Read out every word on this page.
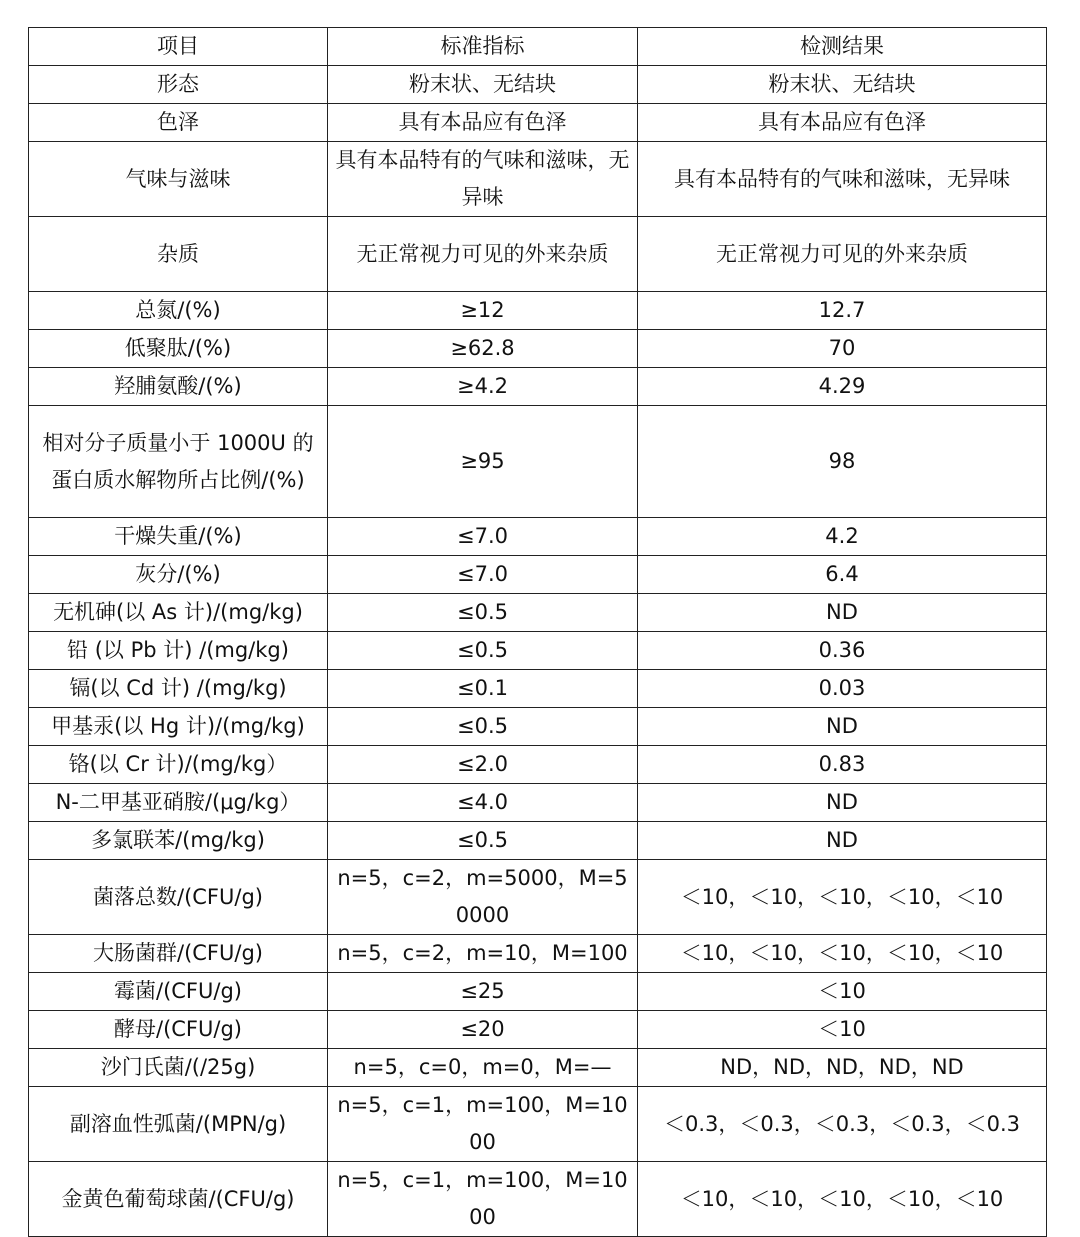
项目	标准指标	检测结果
形态	粉末状、无结块	粉末状、无结块
色泽	具有本品应有色泽	具有本品应有色泽
气味与滋味	具有本品特有的气味和滋味，无异味	具有本品特有的气味和滋味，无异味
杂质	无正常视力可见的外来杂质	无正常视力可见的外来杂质
总氮/(%)	≥12	12.7
低聚肽/(%)	≥62.8	70
羟脯氨酸/(%)	≥4.2	4.29
相对分子质量小于 1000U 的蛋白质水解物所占比例/(%)	≥95	98
干燥失重/(%)	≤7.0	4.2
灰分/(%)	≤7.0	6.4
无机砷(以 As 计)/(mg/kg)	≤0.5	ND
铅 (以 Pb 计) /(mg/kg)	≤0.5	0.36
镉(以 Cd 计) /(mg/kg)	≤0.1	0.03
甲基汞(以 Hg 计)/(mg/kg)	≤0.5	ND
铬(以 Cr 计)/(mg/kg）	≤2.0	0.83
N-二甲基亚硝胺/(μg/kg）	≤4.0	ND
多氯联苯/(mg/kg)	≤0.5	ND
菌落总数/(CFU/g)	n=5，c=2，m=5000，M=50000	＜10，＜10，＜10，＜10，＜10
大肠菌群/(CFU/g)	n=5，c=2，m=10，M=100	＜10，＜10，＜10，＜10，＜10
霉菌/(CFU/g)	≤25	＜10
酵母/(CFU/g)	≤20	＜10
沙门氏菌/(/25g)	n=5，c=0，m=0，M=—	ND，ND，ND，ND，ND
副溶血性弧菌/(MPN/g)	n=5，c=1，m=100，M=1000	＜0.3，＜0.3，＜0.3，＜0.3，＜0.3
金黄色葡萄球菌/(CFU/g)	n=5，c=1，m=100，M=1000	＜10，＜10，＜10，＜10，＜10
